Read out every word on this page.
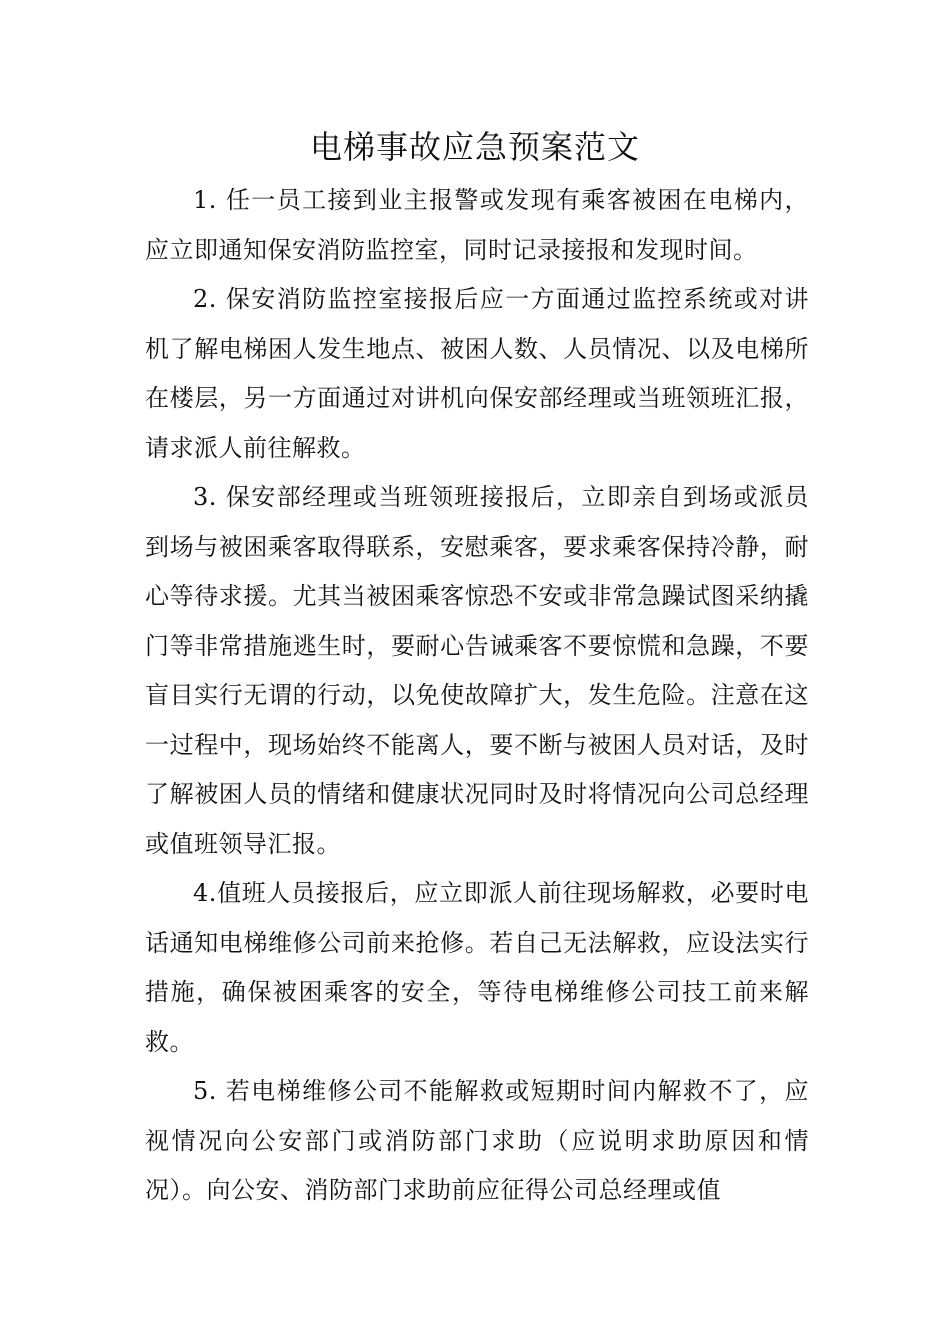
电梯事故应急预案范文

1. 任一员工接到业主报警或发现有乘客被困在电梯内，应立即通知保安消防监控室，同时记录接报和发现时间。

2. 保安消防监控室接报后应一方面通过监控系统或对讲机了解电梯困人发生地点、被困人数、人员情况、以及电梯所在楼层，另一方面通过对讲机向保安部经理或当班领班汇报，请求派人前往解救。

3. 保安部经理或当班领班接报后，立即亲自到场或派员到场与被困乘客取得联系，安慰乘客，要求乘客保持冷静，耐心等待求援。尤其当被困乘客惊恐不安或非常急躁试图采纳撬门等非常措施逃生时，要耐心告诫乘客不要惊慌和急躁，不要盲目实行无谓的行动，以免使故障扩大，发生危险。注意在这一过程中，现场始终不能离人，要不断与被困人员对话，及时了解被困人员的情绪和健康状况同时及时将情况向公司总经理或值班领导汇报。

4.值班人员接报后，应立即派人前往现场解救，必要时电话通知电梯维修公司前来抢修。若自己无法解救，应设法实行措施，确保被困乘客的安全，等待电梯维修公司技工前来解救。

5. 若电梯维修公司不能解救或短期时间内解救不了，应视情况向公安部门或消防部门求助（应说明求助原因和情况）。向公安、消防部门求助前应征得公司总经理或值
